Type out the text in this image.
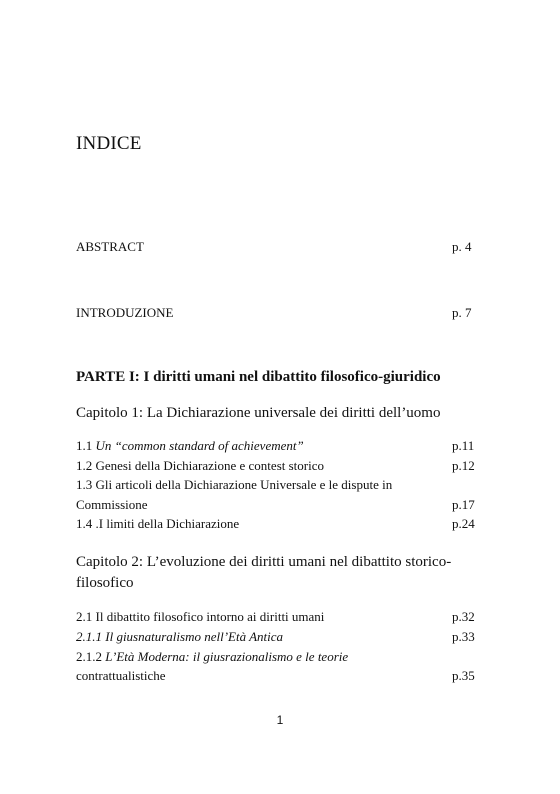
INDICE
ABSTRACT	p. 4
INTRODUZIONE	p. 7
PARTE I: I diritti umani nel dibattito filosofico-giuridico
Capitolo 1: La Dichiarazione universale dei diritti dell’uomo
1.1 Un “common standard of achievement”	p.11
1.2 Genesi della Dichiarazione e contest storico	p.12
1.3 Gli articoli della Dichiarazione Universale e le dispute in
Commissione	p.17
1.4 .I limiti della Dichiarazione	p.24
Capitolo 2: L’evoluzione dei diritti umani nel dibattito storico-
filosofico
2.1 Il dibattito filosofico intorno ai diritti umani	p.32
2.1.1 Il giusnaturalismo nell’Età Antica	p.33
2.1.2 L’Età Moderna: il giusrazionalismo e le teorie
contrattualistiche	p.35
1
